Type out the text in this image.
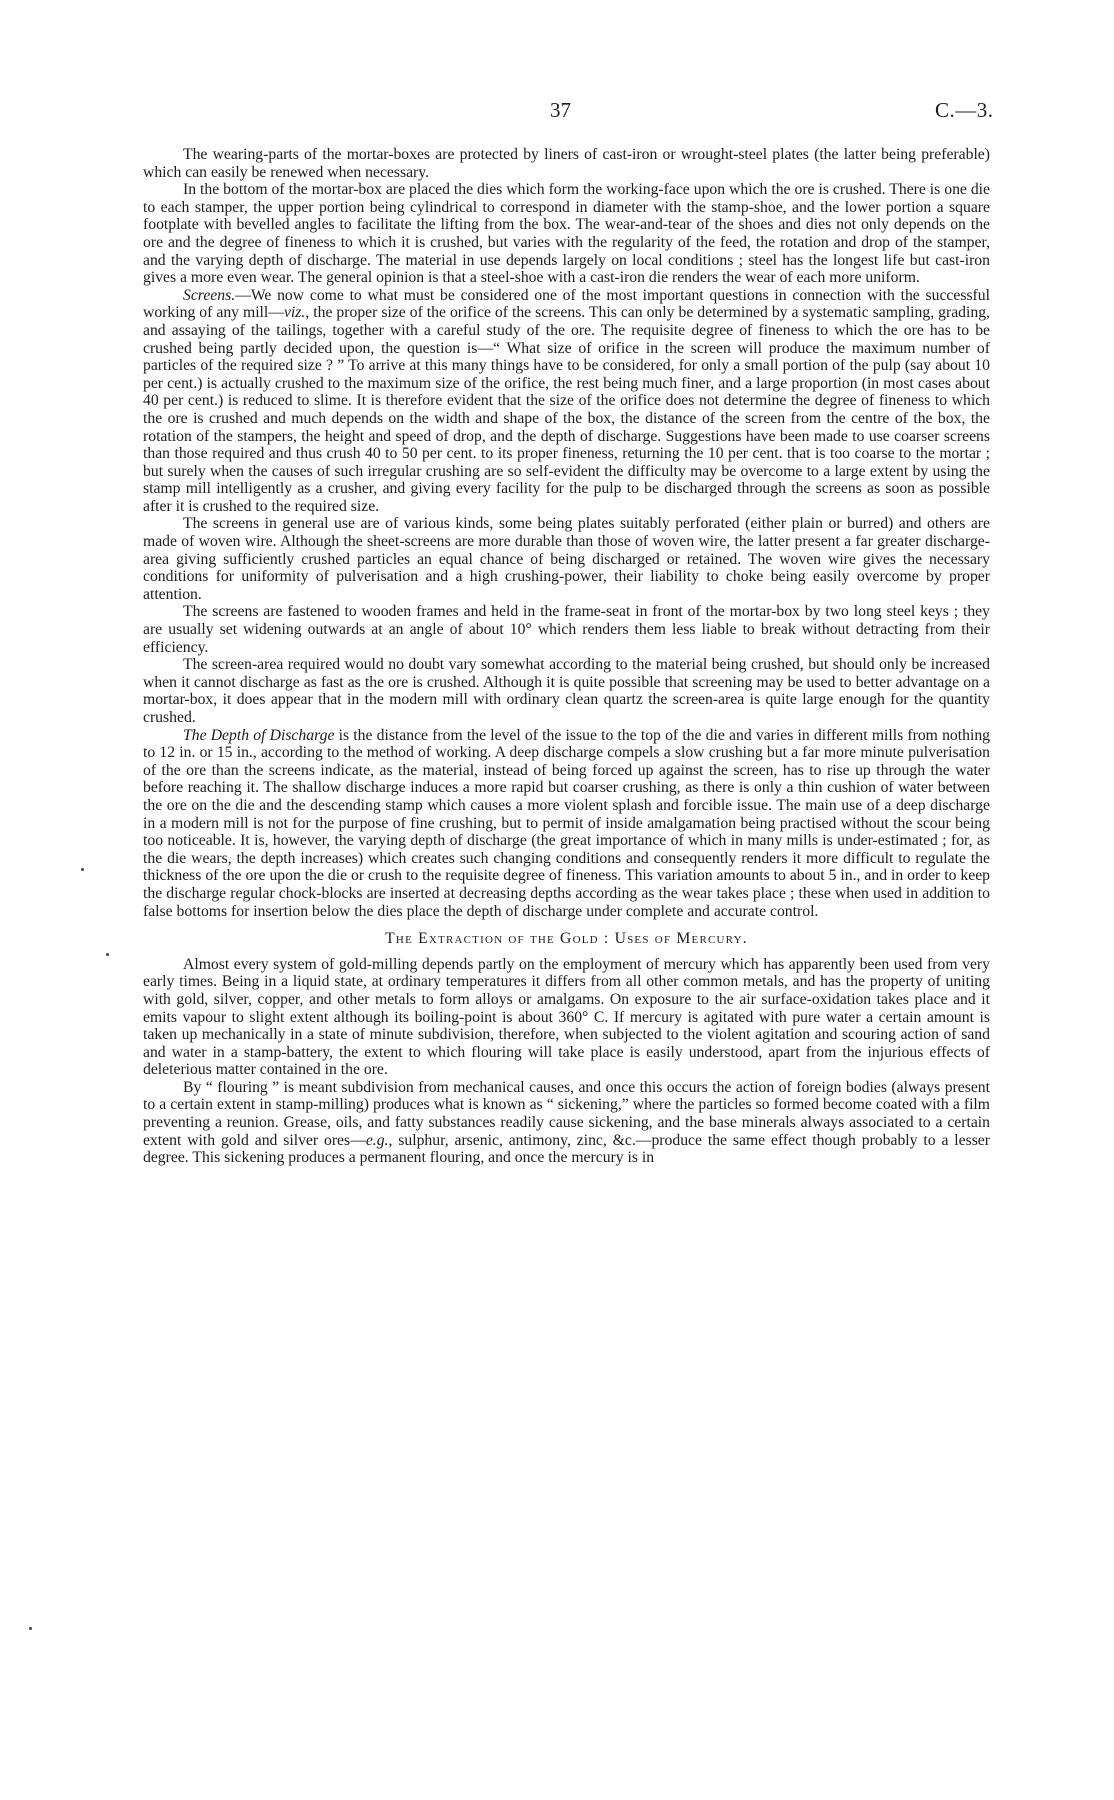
37	C.—3.

The wearing-parts of the mortar-boxes are protected by liners of cast-iron or wrought-steel plates (the latter being preferable) which can easily be renewed when necessary.

In the bottom of the mortar-box are placed the dies which form the working-face upon which the ore is crushed. There is one die to each stamper, the upper portion being cylindrical to correspond in diameter with the stamp-shoe, and the lower portion a square footplate with bevelled angles to facilitate the lifting from the box. The wear-and-tear of the shoes and dies not only depends on the ore and the degree of fineness to which it is crushed, but varies with the regularity of the feed, the rotation and drop of the stamper, and the varying depth of discharge. The material in use depends largely on local conditions ; steel has the longest life but cast-iron gives a more even wear. The general opinion is that a steel-shoe with a cast-iron die renders the wear of each more uniform.

Screens.—We now come to what must be considered one of the most important questions in connection with the successful working of any mill—viz., the proper size of the orifice of the screens. This can only be determined by a systematic sampling, grading, and assaying of the tailings, together with a careful study of the ore. The requisite degree of fineness to which the ore has to be crushed being partly decided upon, the question is—“ What size of orifice in the screen will produce the maximum number of particles of the required size ? ” To arrive at this many things have to be considered, for only a small portion of the pulp (say about 10 per cent.) is actually crushed to the maximum size of the orifice, the rest being much finer, and a large proportion (in most cases about 40 per cent.) is reduced to slime. It is therefore evident that the size of the orifice does not determine the degree of fineness to which the ore is crushed and much depends on the width and shape of the box, the distance of the screen from the centre of the box, the rotation of the stampers, the height and speed of drop, and the depth of discharge. Suggestions have been made to use coarser screens than those required and thus crush 40 to 50 per cent. to its proper fineness, returning the 10 per cent. that is too coarse to the mortar ; but surely when the causes of such irregular crushing are so self-evident the difficulty may be overcome to a large extent by using the stamp mill intelligently as a crusher, and giving every facility for the pulp to be discharged through the screens as soon as possible after it is crushed to the required size.

The screens in general use are of various kinds, some being plates suitably perforated (either plain or burred) and others are made of woven wire. Although the sheet-screens are more durable than those of woven wire, the latter present a far greater discharge-area giving sufficiently crushed particles an equal chance of being discharged or retained. The woven wire gives the necessary conditions for uniformity of pulverisation and a high crushing-power, their liability to choke being easily overcome by proper attention.

The screens are fastened to wooden frames and held in the frame-seat in front of the mortar-box by two long steel keys ; they are usually set widening outwards at an angle of about 10° which renders them less liable to break without detracting from their efficiency.

The screen-area required would no doubt vary somewhat according to the material being crushed, but should only be increased when it cannot discharge as fast as the ore is crushed. Although it is quite possible that screening may be used to better advantage on a mortar-box, it does appear that in the modern mill with ordinary clean quartz the screen-area is quite large enough for the quantity crushed.

The Depth of Discharge is the distance from the level of the issue to the top of the die and varies in different mills from nothing to 12 in. or 15 in., according to the method of working. A deep discharge compels a slow crushing but a far more minute pulverisation of the ore than the screens indicate, as the material, instead of being forced up against the screen, has to rise up through the water before reaching it. The shallow discharge induces a more rapid but coarser crushing, as there is only a thin cushion of water between the ore on the die and the descending stamp which causes a more violent splash and forcible issue. The main use of a deep discharge in a modern mill is not for the purpose of fine crushing, but to permit of inside amalgamation being practised without the scour being too noticeable. It is, however, the varying depth of discharge (the great importance of which in many mills is under-estimated ; for, as the die wears, the depth increases) which creates such changing conditions and consequently renders it more difficult to regulate the thickness of the ore upon the die or crush to the requisite degree of fineness. This variation amounts to about 5 in., and in order to keep the discharge regular chock-blocks are inserted at decreasing depths according as the wear takes place ; these when used in addition to false bottoms for insertion below the dies place the depth of discharge under complete and accurate control.

The Extraction of the Gold : Uses of Mercury.

Almost every system of gold-milling depends partly on the employment of mercury which has apparently been used from very early times. Being in a liquid state, at ordinary temperatures it differs from all other common metals, and has the property of uniting with gold, silver, copper, and other metals to form alloys or amalgams. On exposure to the air surface-oxidation takes place and it emits vapour to slight extent although its boiling-point is about 360° C. If mercury is agitated with pure water a certain amount is taken up mechanically in a state of minute subdivision, therefore, when subjected to the violent agitation and scouring action of sand and water in a stamp-battery, the extent to which flouring will take place is easily understood, apart from the injurious effects of deleterious matter contained in the ore.

By “ flouring ” is meant subdivision from mechanical causes, and once this occurs the action of foreign bodies (always present to a certain extent in stamp-milling) produces what is known as “ sickening,” where the particles so formed become coated with a film preventing a reunion. Grease, oils, and fatty substances readily cause sickening, and the base minerals always associated to a certain extent with gold and silver ores—e.g., sulphur, arsenic, antimony, zinc, &c.—produce the same effect though probably to a lesser degree. This sickening produces a permanent flouring, and once the mercury is in
